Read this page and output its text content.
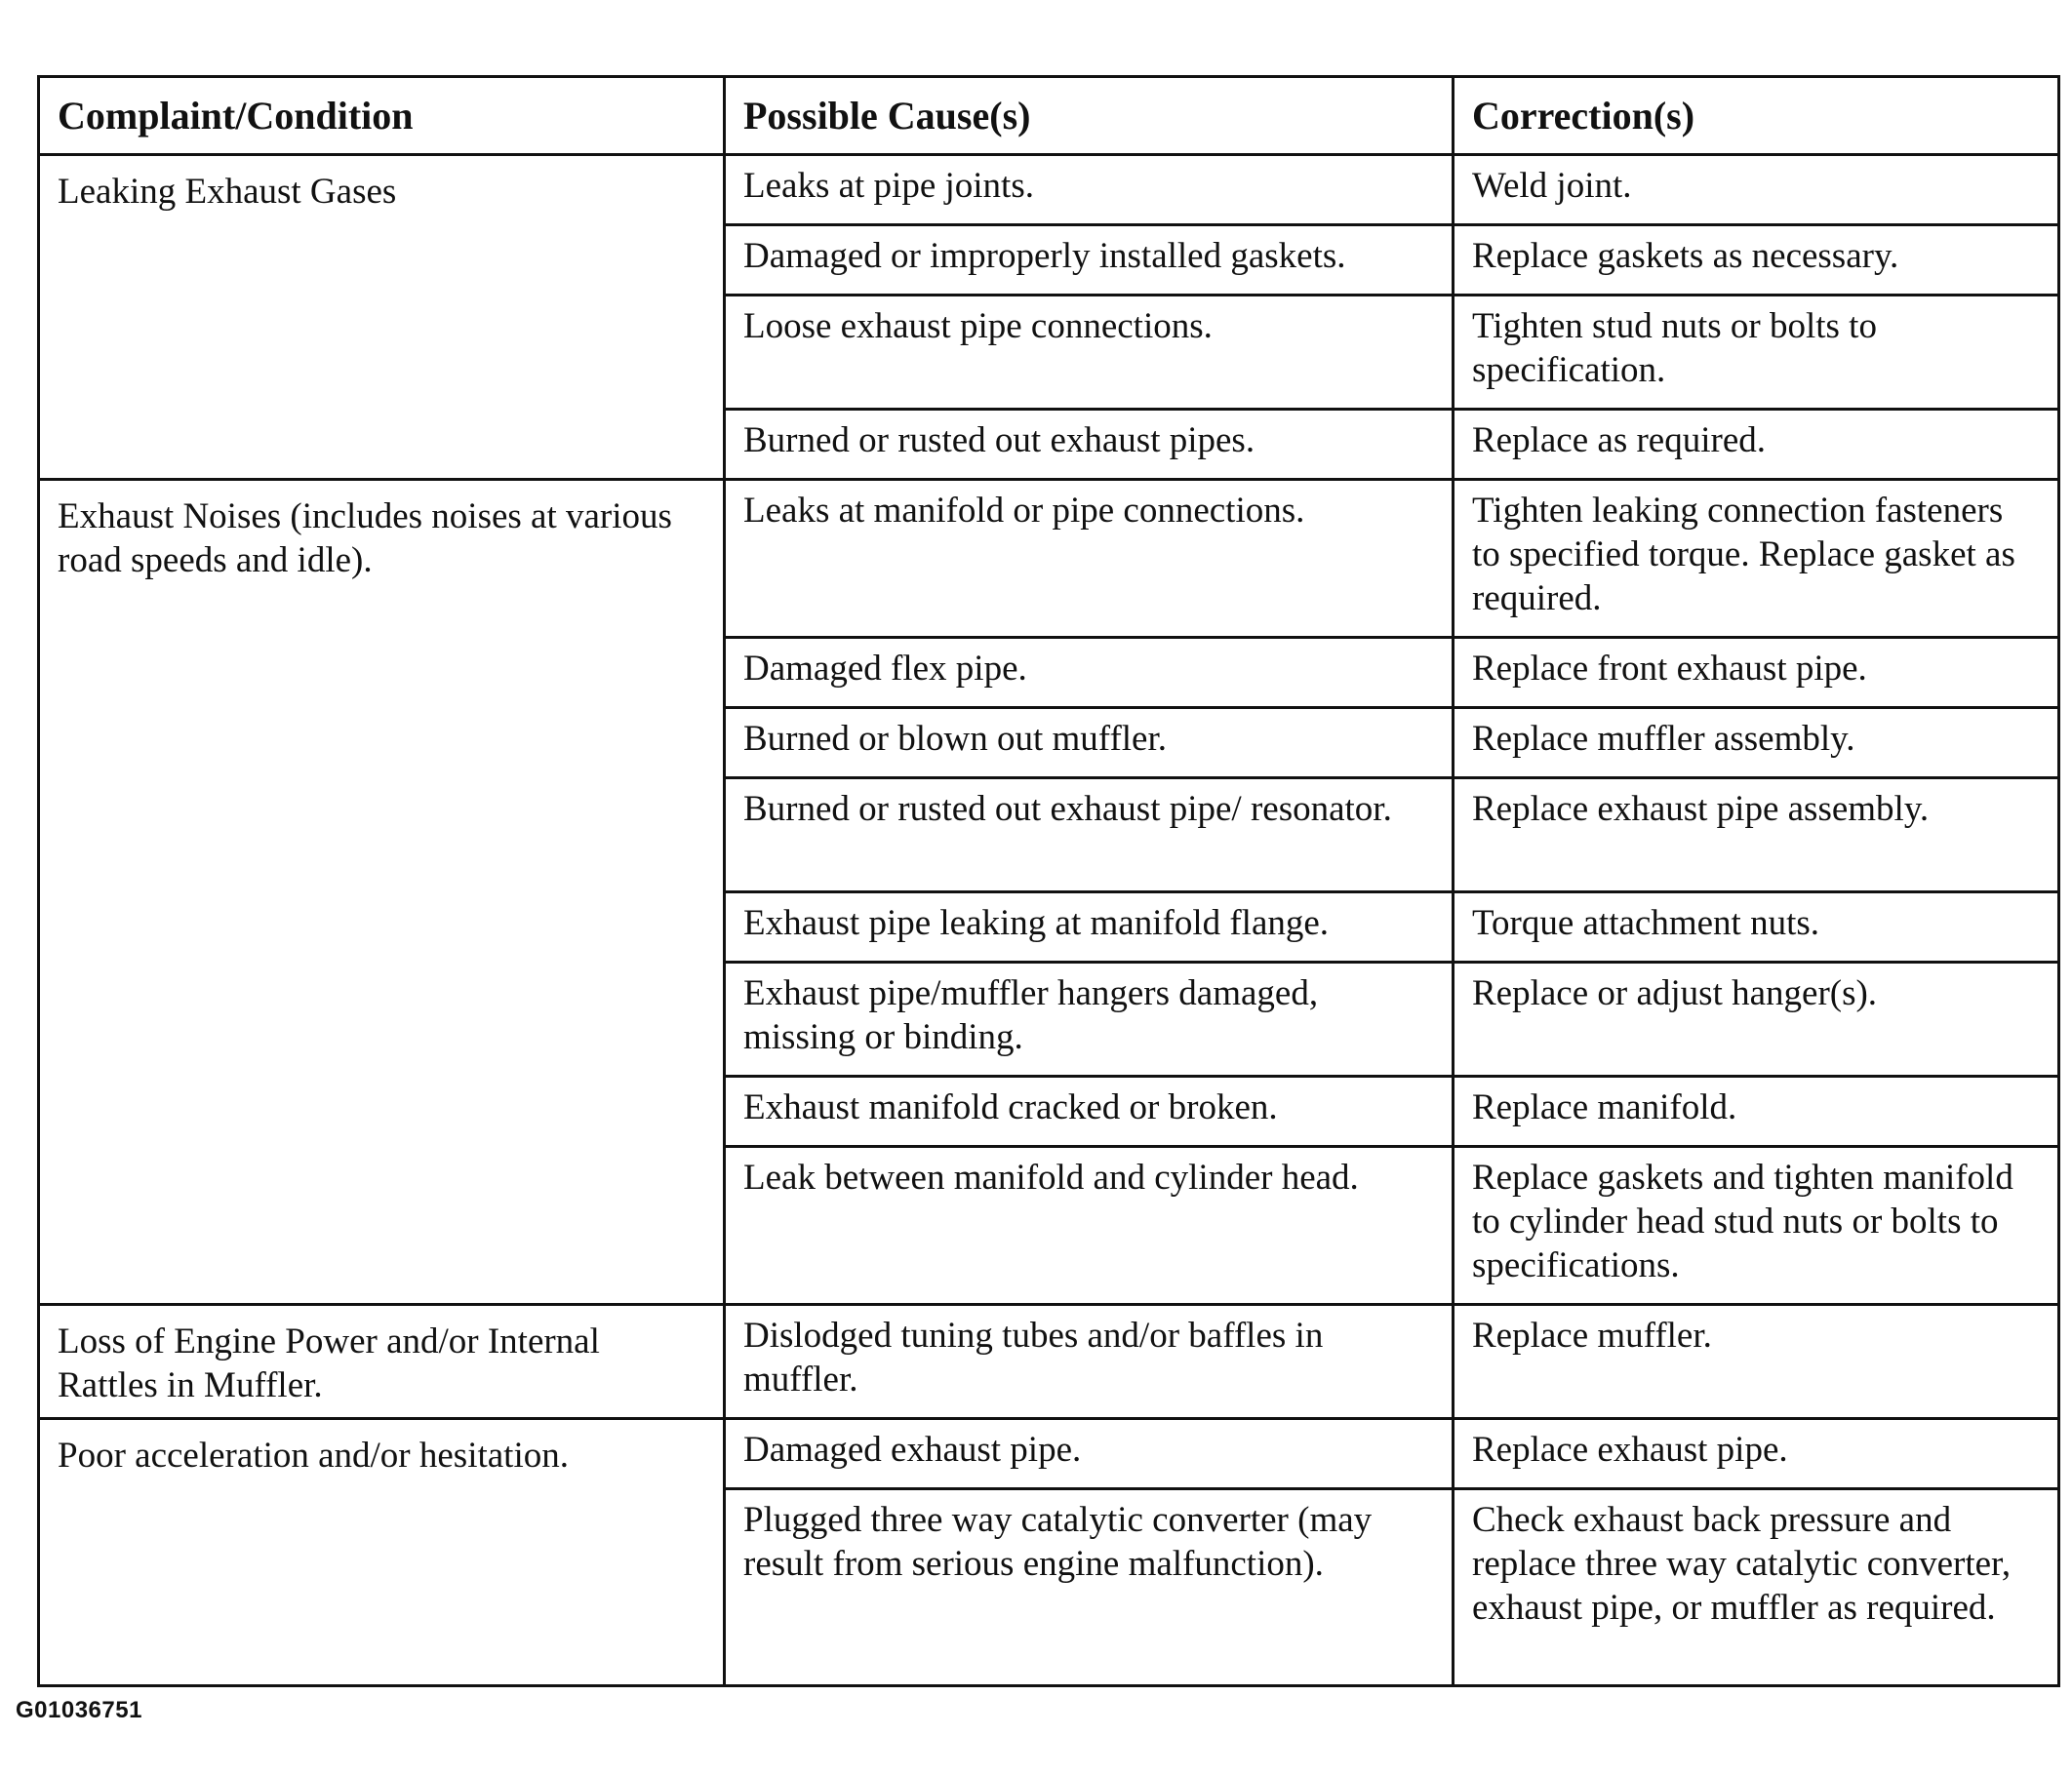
Complaint/Condition	Possible Cause(s)	Correction(s)
Leaking Exhaust Gases	Leaks at pipe joints.	Weld joint.
	Damaged or improperly installed gaskets.	Replace gaskets as necessary.
	Loose exhaust pipe connections.	Tighten stud nuts or bolts to specification.
	Burned or rusted out exhaust pipes.	Replace as required.
Exhaust Noises (includes noises at various road speeds and idle).	Leaks at manifold or pipe connections.	Tighten leaking connection fasteners to specified torque. Replace gasket as required.
	Damaged flex pipe.	Replace front exhaust pipe.
	Burned or blown out muffler.	Replace muffler assembly.
	Burned or rusted out exhaust pipe/ resonator.	Replace exhaust pipe assembly.
	Exhaust pipe leaking at manifold flange.	Torque attachment nuts.
	Exhaust pipe/muffler hangers damaged, missing or binding.	Replace or adjust hanger(s).
	Exhaust manifold cracked or broken.	Replace manifold.
	Leak between manifold and cylinder head.	Replace gaskets and tighten manifold to cylinder head stud nuts or bolts to specifications.
Loss of Engine Power and/or Internal Rattles in Muffler.	Dislodged tuning tubes and/or baffles in muffler.	Replace muffler.
Poor acceleration and/or hesitation.	Damaged exhaust pipe.	Replace exhaust pipe.
	Plugged three way catalytic converter (may result from serious engine malfunction).	Check exhaust back pressure and replace three way catalytic converter, exhaust pipe, or muffler as required.
G01036751
